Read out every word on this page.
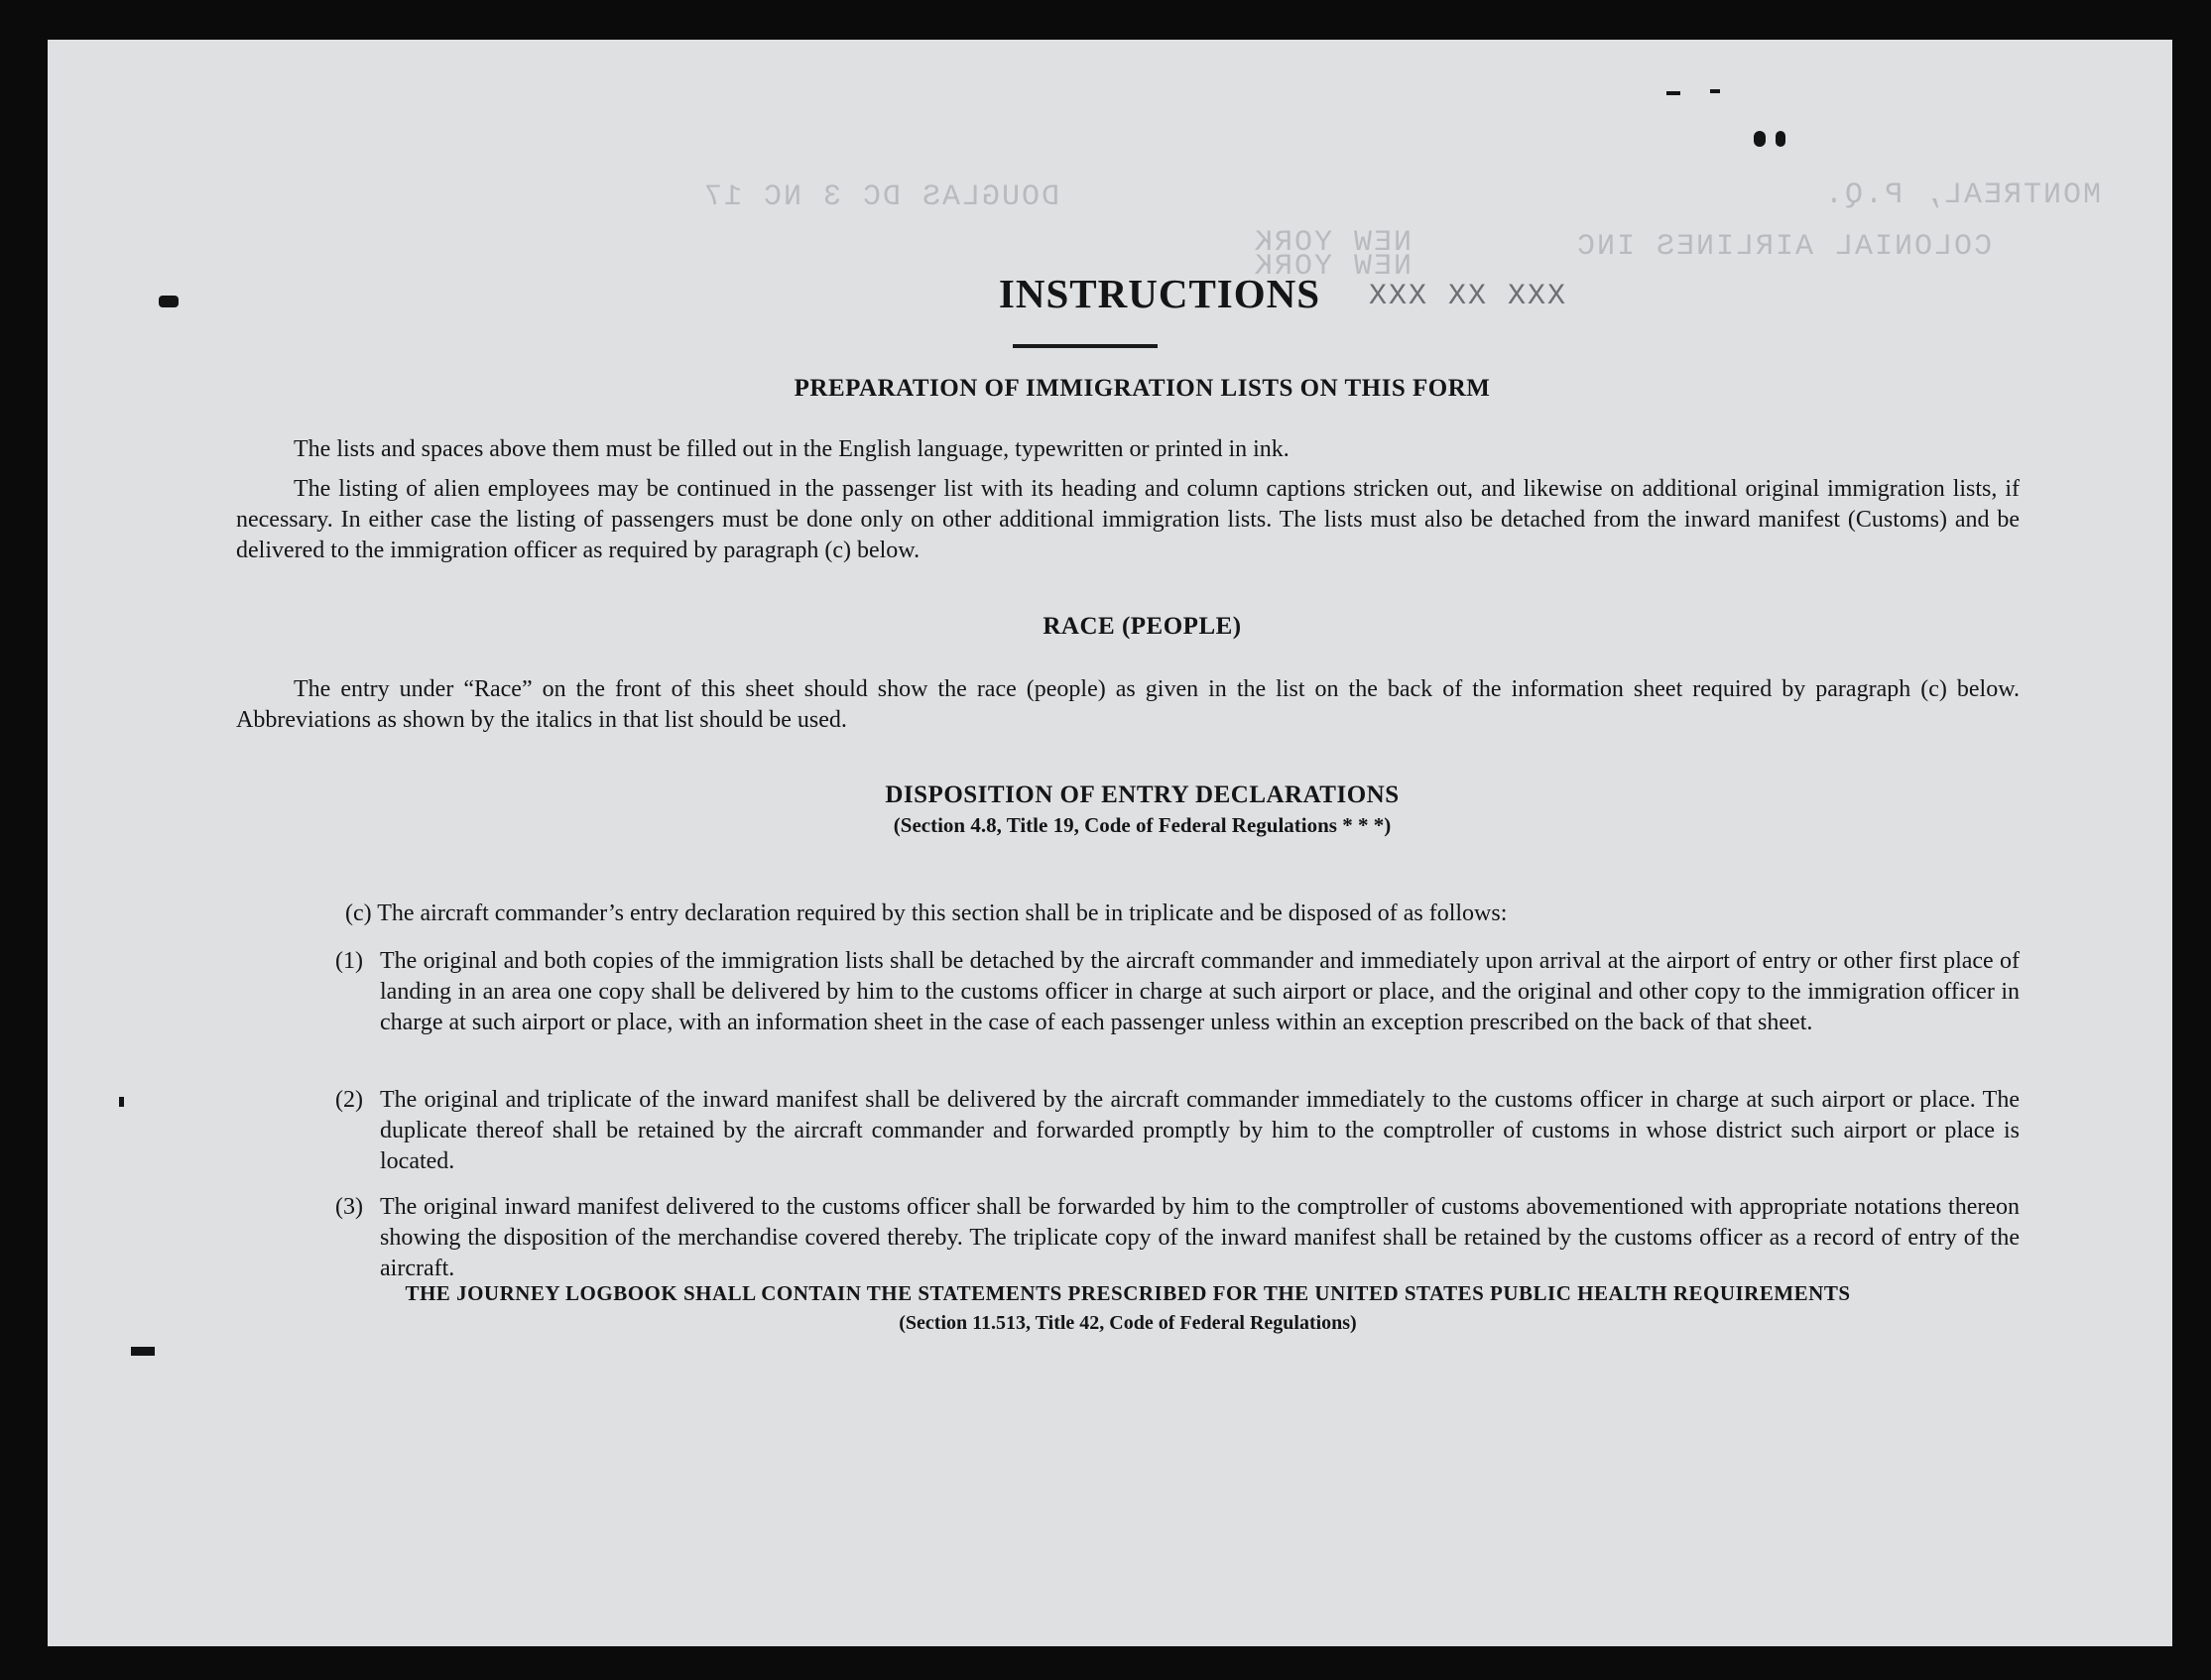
MONTREAL, P.Q.
COLONIAL AIRLINES INC
DOUGLAS DC 3 NC 17
NEW YORK
NEW YORK
XXX XX XXX
INSTRUCTIONS
PREPARATION OF IMMIGRATION LISTS ON THIS FORM
The lists and spaces above them must be filled out in the English language, typewritten or printed in ink.
The listing of alien employees may be continued in the passenger list with its heading and column captions stricken out, and likewise on additional original immigration lists, if necessary. In either case the listing of passengers must be done only on other additional immigration lists. The lists must also be detached from the inward manifest (Customs) and be delivered to the immigration officer as required by paragraph (c) below.
RACE (PEOPLE)
The entry under “Race” on the front of this sheet should show the race (people) as given in the list on the back of the information sheet required by paragraph (c) below. Abbreviations as shown by the italics in that list should be used.
DISPOSITION OF ENTRY DECLARATIONS
(Section 4.8, Title 19, Code of Federal Regulations * * *)
(c) The aircraft commander’s entry declaration required by this section shall be in triplicate and be disposed of as follows:
(1) The original and both copies of the immigration lists shall be detached by the aircraft commander and immediately upon arrival at the airport of entry or other first place of landing in an area one copy shall be delivered by him to the customs officer in charge at such airport or place, and the original and other copy to the immigration officer in charge at such airport or place, with an information sheet in the case of each passenger unless within an exception prescribed on the back of that sheet.
(2) The original and triplicate of the inward manifest shall be delivered by the aircraft commander immediately to the customs officer in charge at such airport or place. The duplicate thereof shall be retained by the aircraft commander and forwarded promptly by him to the comptroller of customs in whose district such airport or place is located.
(3) The original inward manifest delivered to the customs officer shall be forwarded by him to the comptroller of customs abovementioned with appropriate notations thereon showing the disposition of the merchandise covered thereby. The triplicate copy of the inward manifest shall be retained by the customs officer as a record of entry of the aircraft.
THE JOURNEY LOGBOOK SHALL CONTAIN THE STATEMENTS PRESCRIBED FOR THE UNITED STATES PUBLIC HEALTH REQUIREMENTS
(Section 11.513, Title 42, Code of Federal Regulations)
